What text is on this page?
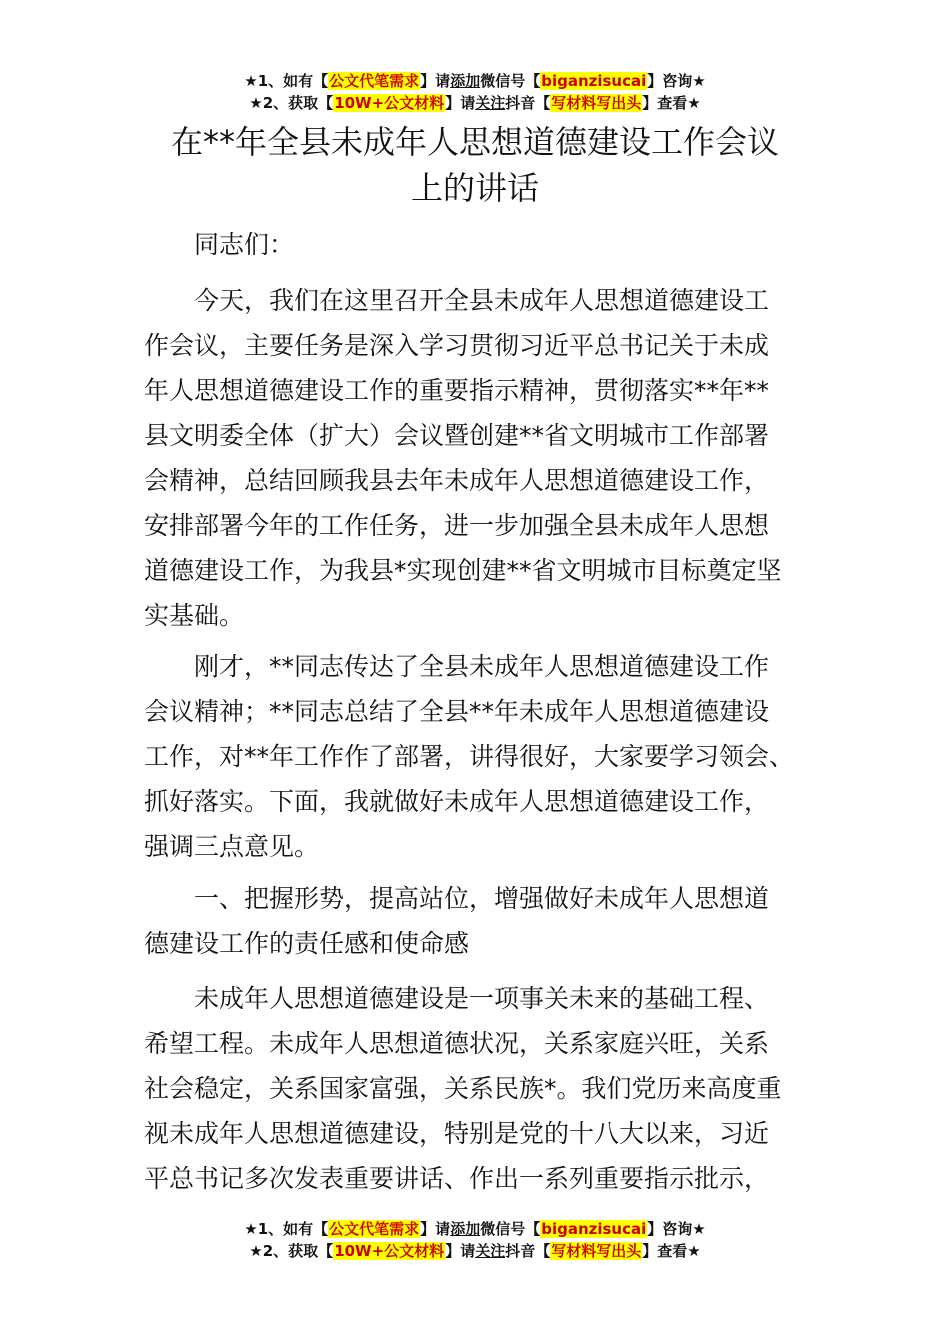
★1、如有【公文代笔需求】请添加微信号【biganzisucai】咨询★
★2、获取【10W+公文材料】请关注抖音【写材料写出头】查看★
在**年全县未成年人思想道德建设工作会议
上的讲话
同志们：
今天，我们在这里召开全县未成年人思想道德建设工
作会议，主要任务是深入学习贯彻习近平总书记关于未成
年人思想道德建设工作的重要指示精神，贯彻落实**年**
县文明委全体（扩大）会议暨创建**省文明城市工作部署
会精神，总结回顾我县去年未成年人思想道德建设工作，
安排部署今年的工作任务，进一步加强全县未成年人思想
道德建设工作，为我县*实现创建**省文明城市目标奠定坚
实基础。
刚才，**同志传达了全县未成年人思想道德建设工作
会议精神；**同志总结了全县**年未成年人思想道德建设
工作，对**年工作作了部署，讲得很好，大家要学习领会、
抓好落实。下面，我就做好未成年人思想道德建设工作，
强调三点意见。
一、把握形势，提高站位，增强做好未成年人思想道
德建设工作的责任感和使命感
未成年人思想道德建设是一项事关未来的基础工程、
希望工程。未成年人思想道德状况，关系家庭兴旺，关系
社会稳定，关系国家富强，关系民族*。我们党历来高度重
视未成年人思想道德建设，特别是党的十八大以来，习近
平总书记多次发表重要讲话、作出一系列重要指示批示，
★1、如有【公文代笔需求】请添加微信号【biganzisucai】咨询★
★2、获取【10W+公文材料】请关注抖音【写材料写出头】查看★
